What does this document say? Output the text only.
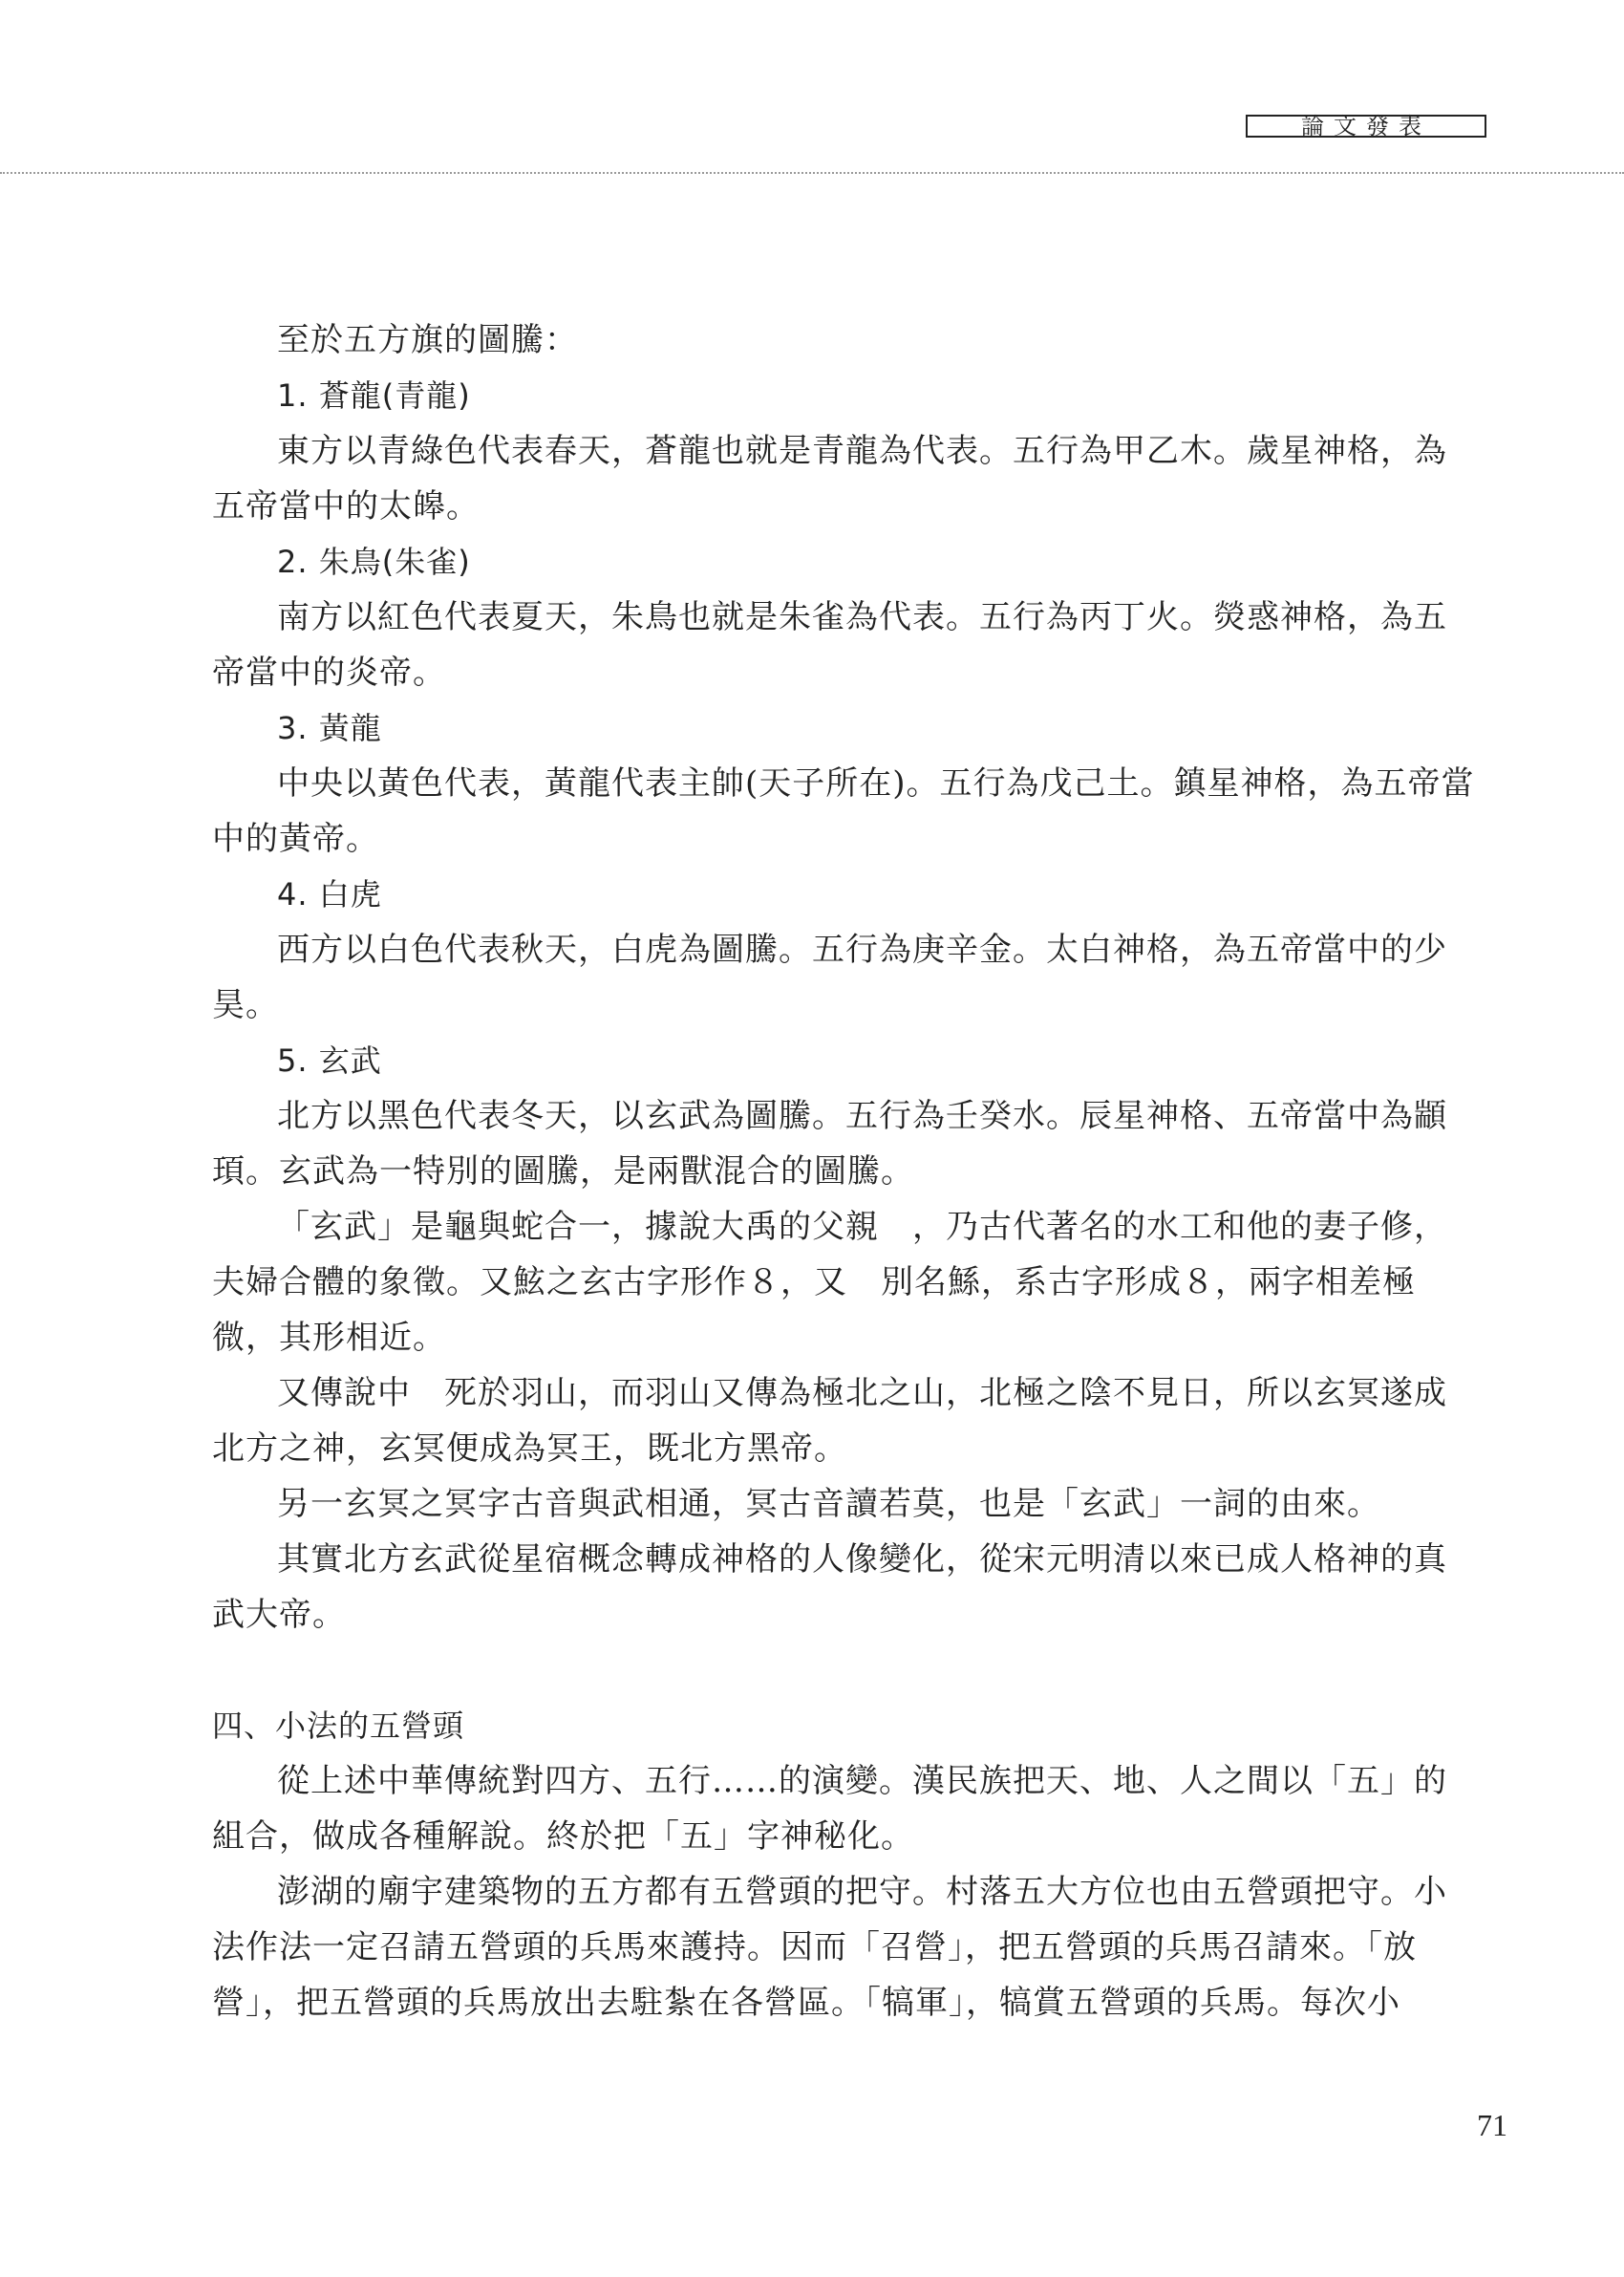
論文發表

至於五方旗的圖騰：

1. 蒼龍(青龍)

東方以青綠色代表春天，蒼龍也就是青龍為代表。五行為甲乙木。歲星神格，為

五帝當中的太皞。

2. 朱鳥(朱雀)

南方以紅色代表夏天，朱鳥也就是朱雀為代表。五行為丙丁火。熒惑神格，為五

帝當中的炎帝。

3. 黃龍

中央以黃色代表，黃龍代表主帥(天子所在)。五行為戊己土。鎮星神格，為五帝當

中的黃帝。

4. 白虎

西方以白色代表秋天，白虎為圖騰。五行為庚辛金。太白神格，為五帝當中的少

昊。

5. 玄武

北方以黑色代表冬天，以玄武為圖騰。五行為壬癸水。辰星神格、五帝當中為顓

頊。玄武為一特別的圖騰，是兩獸混合的圖騰。

「玄武」是龜與蛇合一，據說大禹的父親　，乃古代著名的水工和他的妻子修，

夫婦合體的象徵。又鮌之玄古字形作８，又　別名鯀，系古字形成８，兩字相差極

微，其形相近。

又傳說中　死於羽山，而羽山又傳為極北之山，北極之陰不見日，所以玄冥遂成

北方之神，玄冥便成為冥王，既北方黑帝。

另一玄冥之冥字古音與武相通，冥古音讀若莫，也是「玄武」一詞的由來。

其實北方玄武從星宿概念轉成神格的人像變化，從宋元明清以來已成人格神的真

武大帝。

四、小法的五營頭

從上述中華傳統對四方、五行……的演變。漢民族把天、地、人之間以「五」的

組合，做成各種解說。終於把「五」字神秘化。

澎湖的廟宇建築物的五方都有五營頭的把守。村落五大方位也由五營頭把守。小

法作法一定召請五營頭的兵馬來護持。因而「召營」，把五營頭的兵馬召請來。「放

營」，把五營頭的兵馬放出去駐紮在各營區。「犒軍」，犒賞五營頭的兵馬。每次小

71
